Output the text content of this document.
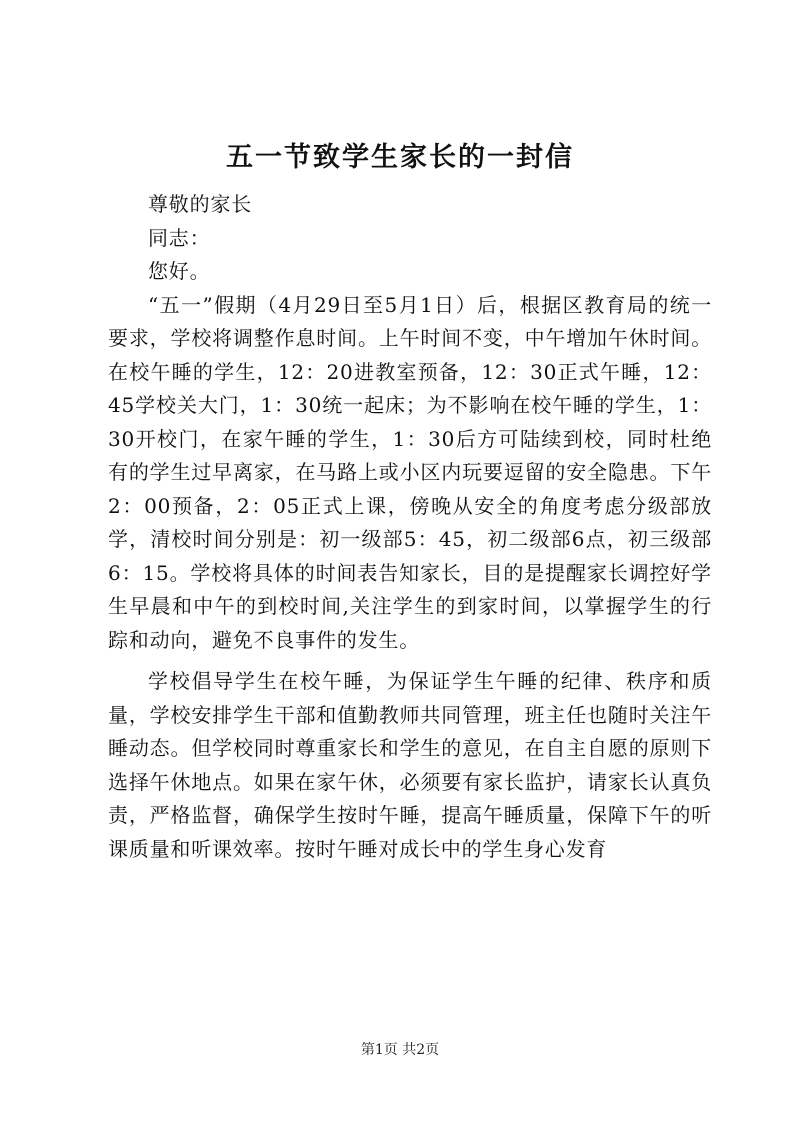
五一节致学生家长的一封信

尊敬的家长

同志：

您好。

“五一”假期（4月29日至5月1日）后，根据区教育局的统一要求，学校将调整作息时间。上午时间不变，中午增加午休时间。在校午睡的学生，12：20进教室预备，12：30正式午睡，12：45学校关大门，1：30统一起床；为不影响在校午睡的学生，1：30开校门，在家午睡的学生，1：30后方可陆续到校，同时杜绝有的学生过早离家，在马路上或小区内玩要逗留的安全隐患。下午2：00预备，2：05正式上课，傍晚从安全的角度考虑分级部放学，清校时间分别是：初一级部5：45，初二级部6点，初三级部6：15。学校将具体的时间表告知家长，目的是提醒家长调控好学生早晨和中午的到校时间,关注学生的到家时间，以掌握学生的行踪和动向，避免不良事件的发生。

学校倡导学生在校午睡，为保证学生午睡的纪律、秩序和质量，学校安排学生干部和值勤教师共同管理，班主任也随时关注午睡动态。但学校同时尊重家长和学生的意见，在自主自愿的原则下选择午休地点。如果在家午休，必须要有家长监护，请家长认真负责，严格监督，确保学生按时午睡，提高午睡质量，保障下午的听课质量和听课效率。按时午睡对成长中的学生身心发育

第1页 共2页
